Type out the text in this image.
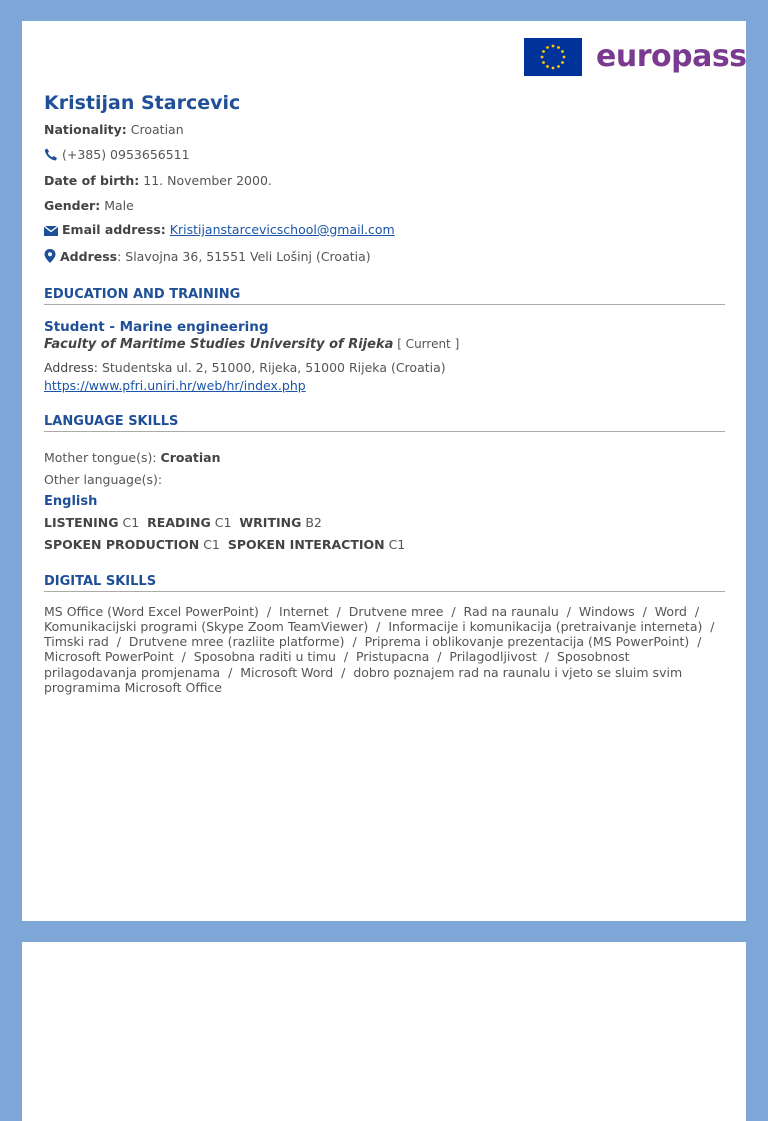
europass
Kristijan Starcevic
Nationality: Croatian
(+385) 0953656511
Date of birth: 11. November 2000.
Gender: Male
Email address: Kristijanstarcevicschool@gmail.com
Address: Slavojna 36, 51551 Veli Lošinj (Croatia)
EDUCATION AND TRAINING
Student - Marine engineering
Faculty of Maritime Studies University of Rijeka [ Current ]
Address: Studentska ul. 2, 51000, Rijeka, 51000 Rijeka (Croatia)
https://www.pfri.uniri.hr/web/hr/index.php
LANGUAGE SKILLS
Mother tongue(s): Croatian
Other language(s):
English
LISTENING C1 READING C1 WRITING B2
SPOKEN PRODUCTION C1 SPOKEN INTERACTION C1
DIGITAL SKILLS
MS Office (Word Excel PowerPoint)  /  Internet  /  Drutvene mree  /  Rad na raunalu  /  Windows  /  Word  /  Komunikacijski programi (Skype Zoom TeamViewer)  /  Informacije i komunikacija (pretraivanje interneta)  /  Timski rad  /  Drutvene mree (razliite platforme)  /  Priprema i oblikovanje prezentacija (MS PowerPoint)  /  Microsoft PowerPoint  /  Sposobna raditi u timu  /  Pristupacna  /  Prilagodljivost  /  Sposobnost prilagodavanja promjenama  /  Microsoft Word  /  dobro poznajem rad na raunalu i vjeto se sluim svim programima Microsoft Office
